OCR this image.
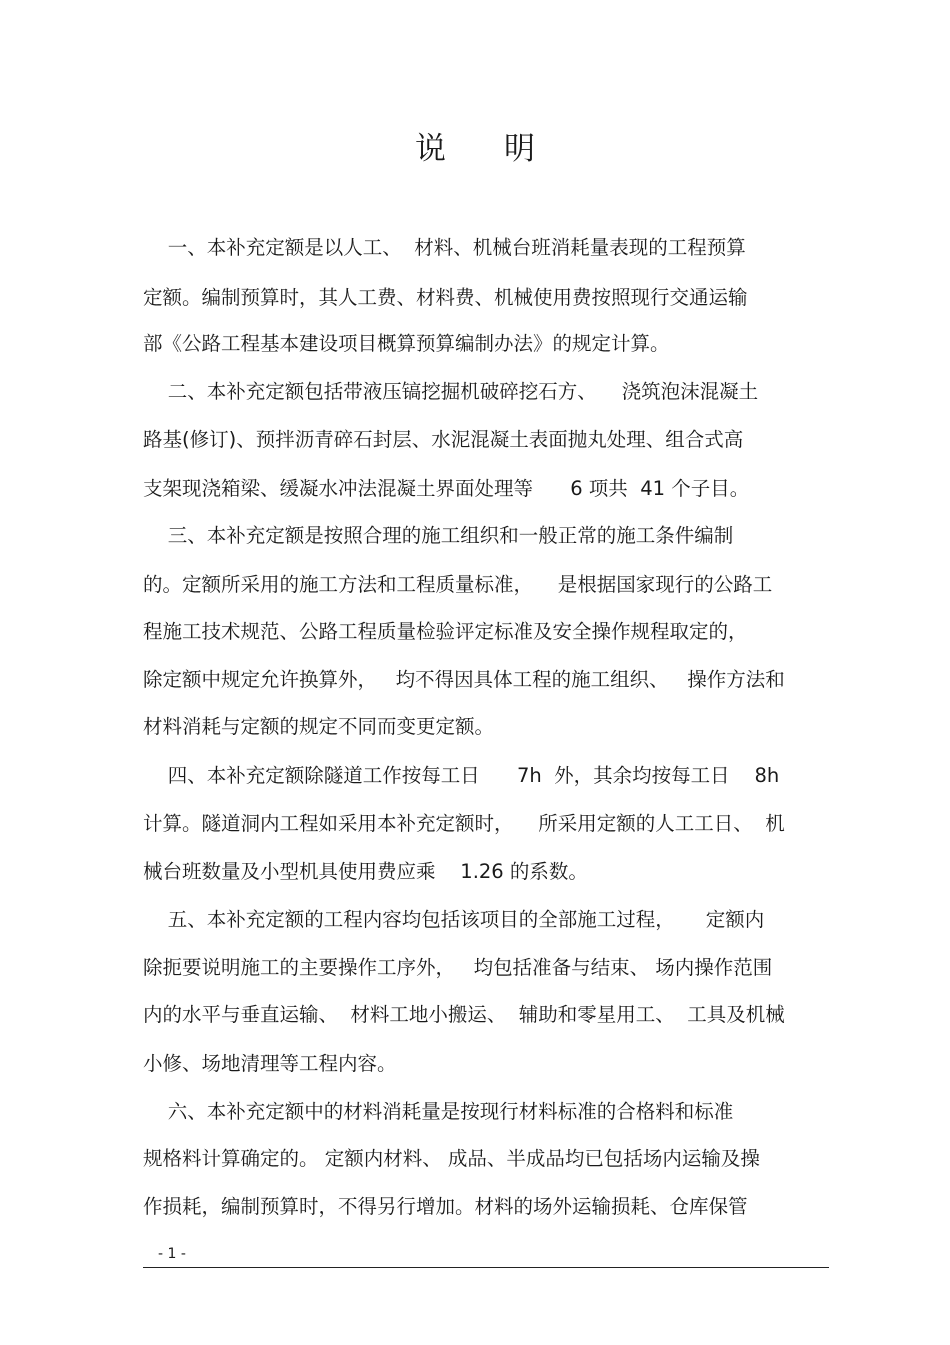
说明
一、本补充定额是以人工、  材料、机械台班消耗量表现的工程预算
定额。编制预算时，其人工费、材料费、机械使用费按照现行交通运输
部《公路工程基本建设项目概算预算编制办法》的规定计算。
二、本补充定额包括带液压镐挖掘机破碎挖石方、    浇筑泡沫混凝土
路基(修订)、预拌沥青碎石封层、水泥混凝土表面抛丸处理、组合式高
支架现浇箱梁、缓凝水冲法混凝土界面处理等      6 项共  41 个子目。
三、本补充定额是按照合理的施工组织和一般正常的施工条件编制
的。定额所采用的施工方法和工程质量标准，    是根据国家现行的公路工
程施工技术规范、公路工程质量检验评定标准及安全操作规程取定的，
除定额中规定允许换算外，   均不得因具体工程的施工组织、   操作方法和
材料消耗与定额的规定不同而变更定额。
四、本补充定额除隧道工作按每工日      7h  外，其余均按每工日    8h
计算。隧道洞内工程如采用本补充定额时，    所采用定额的人工工日、  机
械台班数量及小型机具使用费应乘    1.26 的系数。
五、本补充定额的工程内容均包括该项目的全部施工过程，     定额内
除扼要说明施工的主要操作工序外，   均包括准备与结束、 场内操作范围
内的水平与垂直运输、  材料工地小搬运、  辅助和零星用工、  工具及机械
小修、场地清理等工程内容。
六、本补充定额中的材料消耗量是按现行材料标准的合格料和标准
规格料计算确定的。 定额内材料、 成品、半成品均已包括场内运输及操
作损耗，编制预算时，不得另行增加。材料的场外运输损耗、仓库保管
- 1 -
